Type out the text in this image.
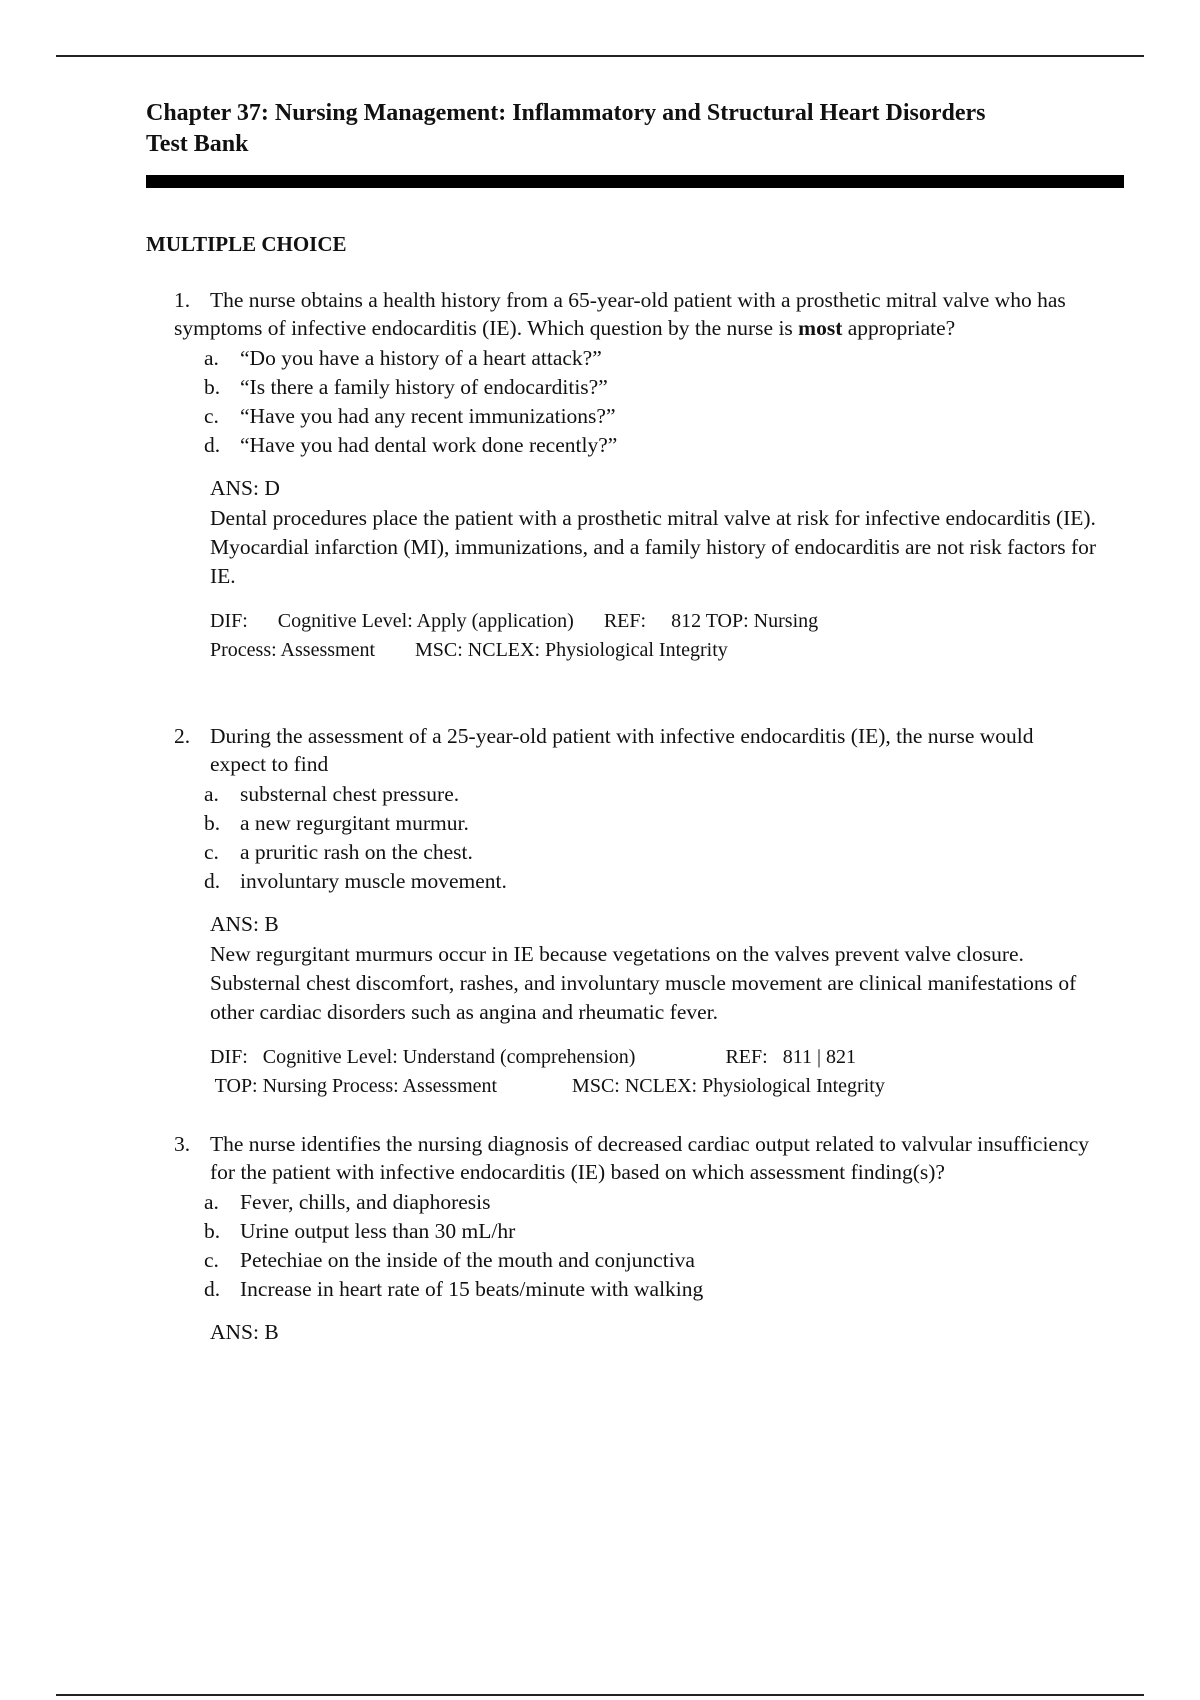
Chapter 37: Nursing Management: Inflammatory and Structural Heart Disorders
Test Bank
MULTIPLE CHOICE

1. The nurse obtains a health history from a 65-year-old patient with a prosthetic mitral valve who has symptoms of infective endocarditis (IE). Which question by the nurse is most appropriate?

a. “Do you have a history of a heart attack?”
b. “Is there a family history of endocarditis?”
c. “Have you had any recent immunizations?”
d. “Have you had dental work done recently?”

ANS: D

Dental procedures place the patient with a prosthetic mitral valve at risk for infective endocarditis (IE). Myocardial infarction (MI), immunizations, and a family history of endocarditis are not risk factors for IE.

DIF:      Cognitive Level: Apply (application)      REF:     812 TOP: Nursing
Process: Assessment        MSC: NCLEX: Physiological Integrity

2. During the assessment of a 25-year-old patient with infective endocarditis (IE), the nurse would expect to find

a. substernal chest pressure.
b. a new regurgitant murmur.
c. a pruritic rash on the chest.
d. involuntary muscle movement.

ANS: B

New regurgitant murmurs occur in IE because vegetations on the valves prevent valve closure. Substernal chest discomfort, rashes, and involuntary muscle movement are clinical manifestations of other cardiac disorders such as angina and rheumatic fever.

DIF:   Cognitive Level: Understand (comprehension)                  REF:   811 | 821
TOP: Nursing Process: Assessment               MSC: NCLEX: Physiological Integrity

3. The nurse identifies the nursing diagnosis of decreased cardiac output related to valvular insufficiency for the patient with infective endocarditis (IE) based on which assessment finding(s)?

a. Fever, chills, and diaphoresis
b. Urine output less than 30 mL/hr
c. Petechiae on the inside of the mouth and conjunctiva
d. Increase in heart rate of 15 beats/minute with walking

ANS: B
